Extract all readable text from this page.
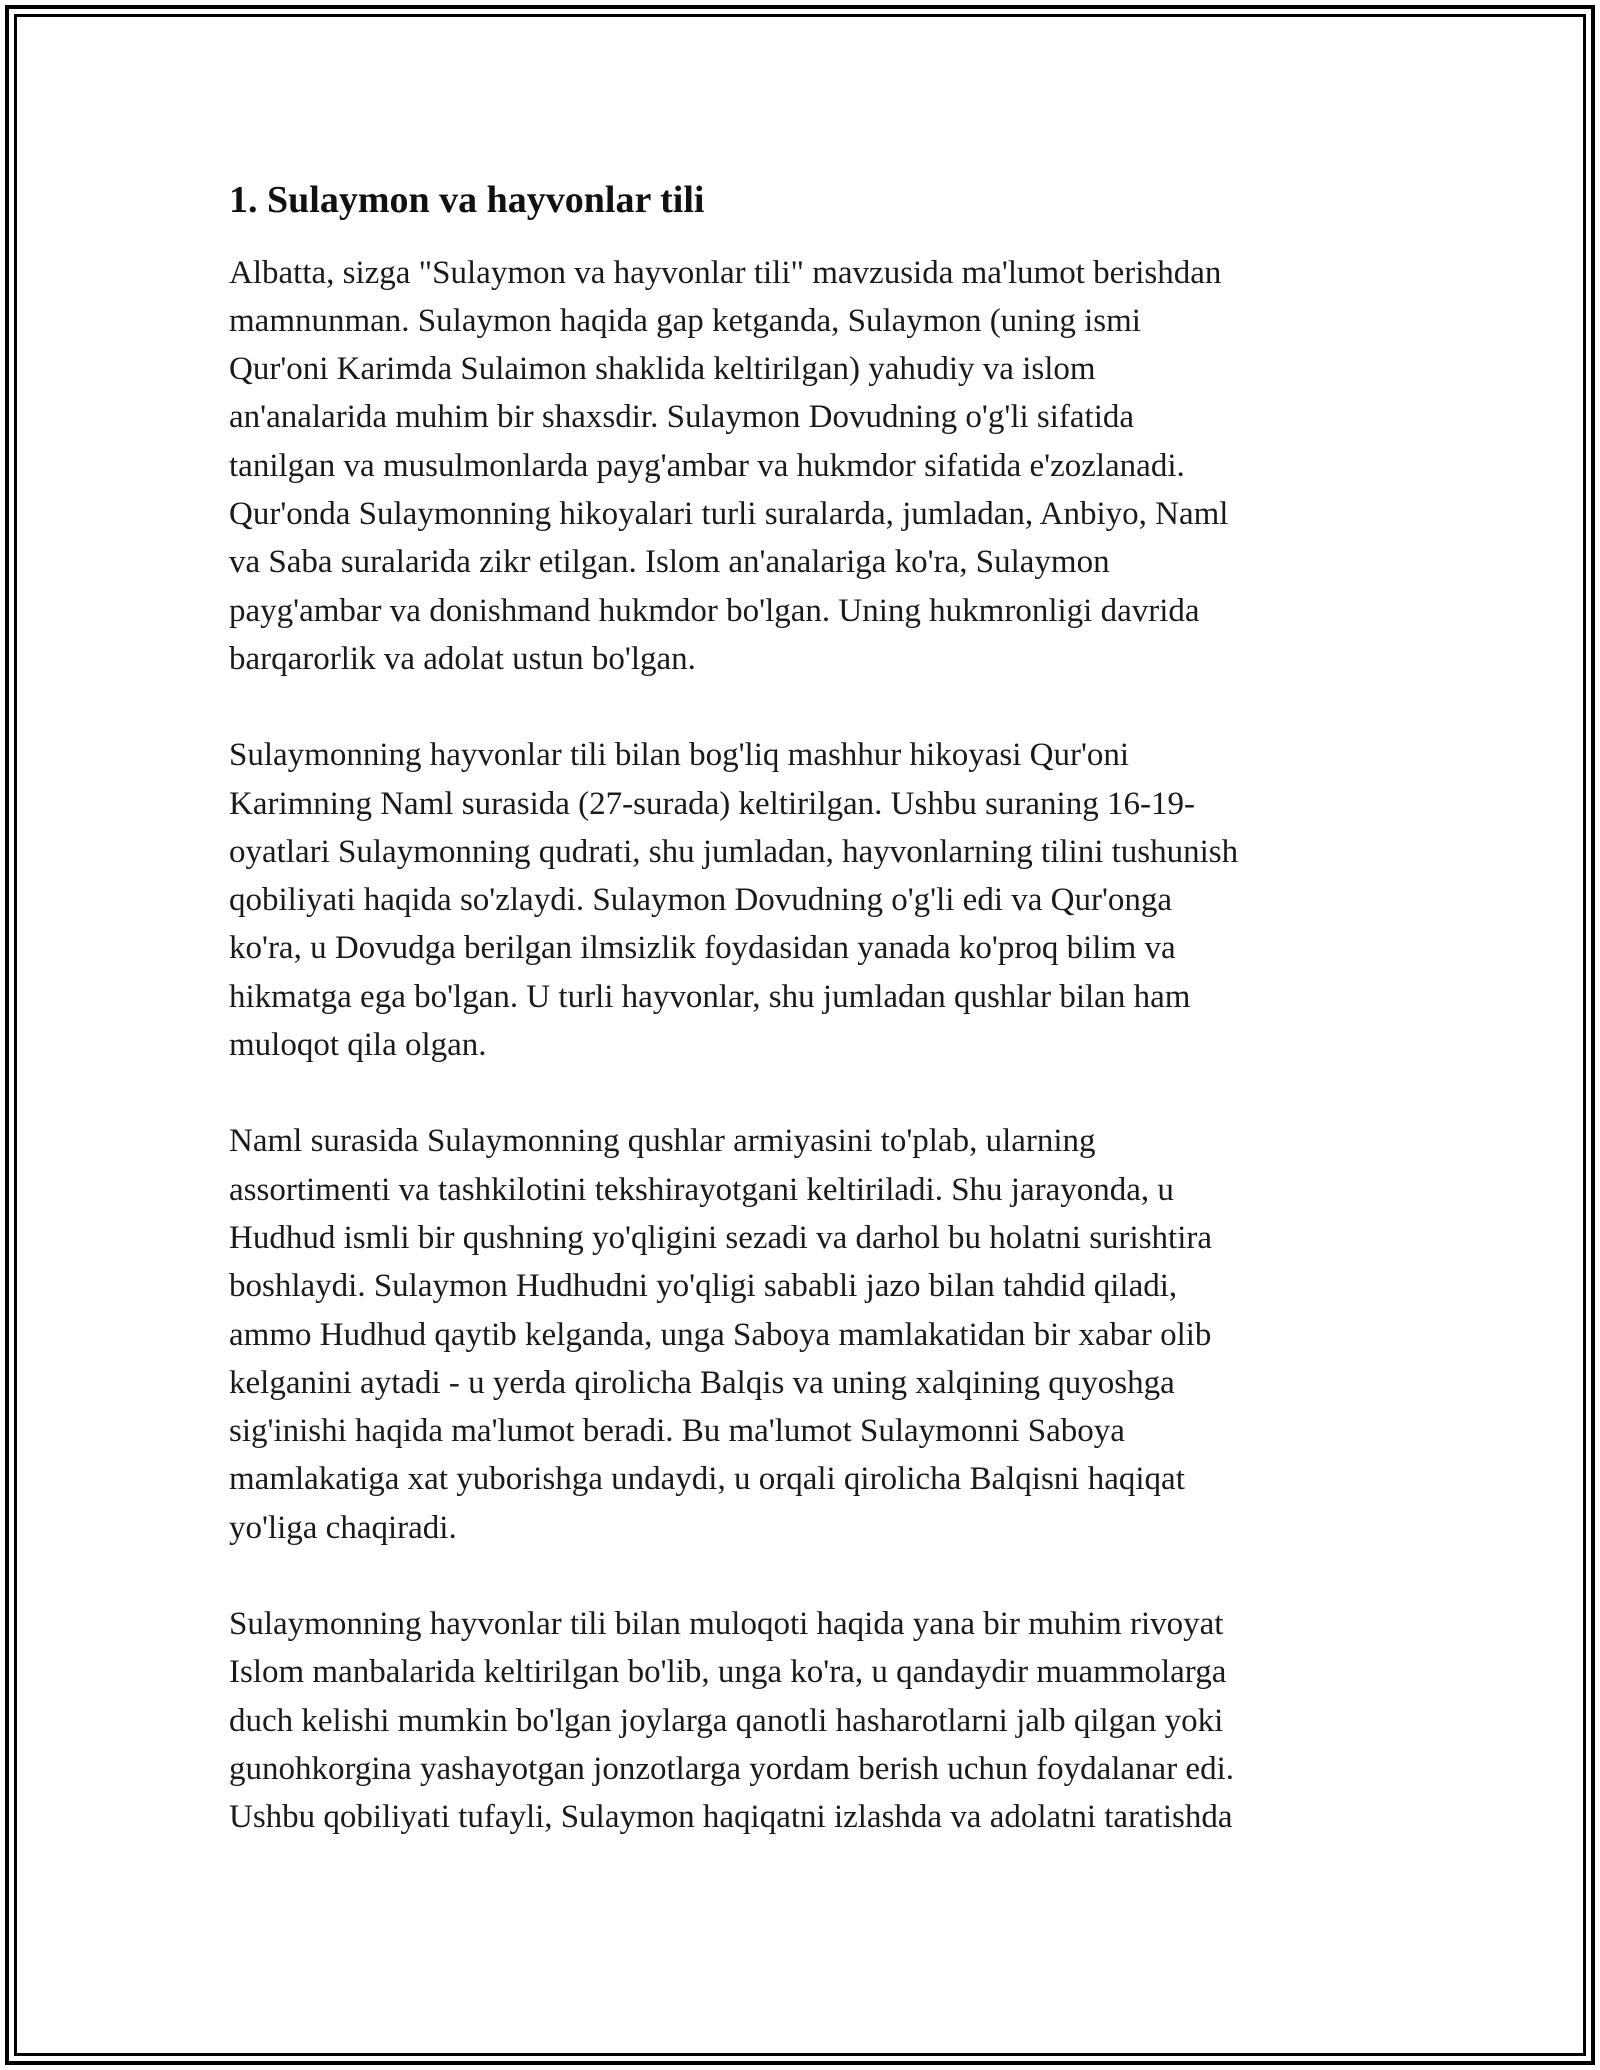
1. Sulaymon va hayvonlar tili

Albatta, sizga "Sulaymon va hayvonlar tili" mavzusida ma'lumot berishdan
mamnunman. Sulaymon haqida gap ketganda, Sulaymon (uning ismi
Qur'oni Karimda Sulaimon shaklida keltirilgan) yahudiy va islom
an'analarida muhim bir shaxsdir. Sulaymon Dovudning o'g'li sifatida
tanilgan va musulmonlarda payg'ambar va hukmdor sifatida e'zozlanadi.
Qur'onda Sulaymonning hikoyalari turli suralarda, jumladan, Anbiyo, Naml
va Saba suralarida zikr etilgan. Islom an'analariga ko'ra, Sulaymon
payg'ambar va donishmand hukmdor bo'lgan. Uning hukmronligi davrida
barqarorlik va adolat ustun bo'lgan.

Sulaymonning hayvonlar tili bilan bog'liq mashhur hikoyasi Qur'oni
Karimning Naml surasida (27-surada) keltirilgan. Ushbu suraning 16-19-
oyatlari Sulaymonning qudrati, shu jumladan, hayvonlarning tilini tushunish
qobiliyati haqida so'zlaydi. Sulaymon Dovudning o'g'li edi va Qur'onga
ko'ra, u Dovudga berilgan ilmsizlik foydasidan yanada ko'proq bilim va
hikmatga ega bo'lgan. U turli hayvonlar, shu jumladan qushlar bilan ham
muloqot qila olgan.

Naml surasida Sulaymonning qushlar armiyasini to'plab, ularning
assortimenti va tashkilotini tekshirayotgani keltiriladi. Shu jarayonda, u
Hudhud ismli bir qushning yo'qligini sezadi va darhol bu holatni surishtira
boshlaydi. Sulaymon Hudhudni yo'qligi sababli jazo bilan tahdid qiladi,
ammo Hudhud qaytib kelganda, unga Saboya mamlakatidan bir xabar olib
kelganini aytadi - u yerda qirolicha Balqis va uning xalqining quyoshga
sig'inishi haqida ma'lumot beradi. Bu ma'lumot Sulaymonni Saboya
mamlakatiga xat yuborishga undaydi, u orqali qirolicha Balqisni haqiqat
yo'liga chaqiradi.

Sulaymonning hayvonlar tili bilan muloqoti haqida yana bir muhim rivoyat
Islom manbalarida keltirilgan bo'lib, unga ko'ra, u qandaydir muammolarga
duch kelishi mumkin bo'lgan joylarga qanotli hasharotlarni jalb qilgan yoki
gunohkorgina yashayotgan jonzotlarga yordam berish uchun foydalanar edi.
Ushbu qobiliyati tufayli, Sulaymon haqiqatni izlashda va adolatni taratishda
